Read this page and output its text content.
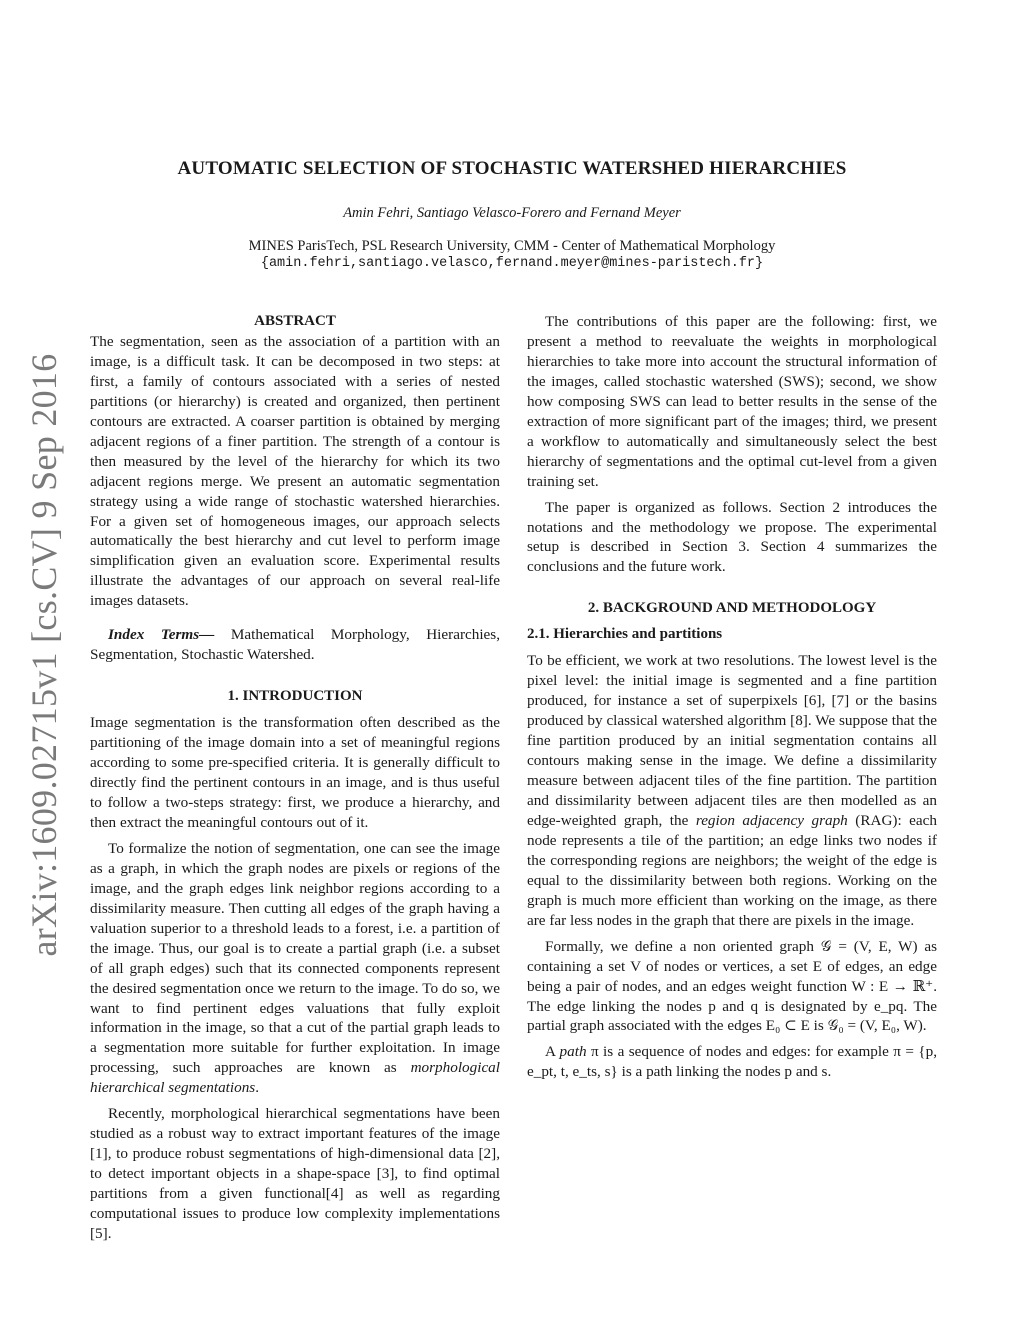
arXiv:1609.02715v1 [cs.CV] 9 Sep 2016
AUTOMATIC SELECTION OF STOCHASTIC WATERSHED HIERARCHIES
Amin Fehri, Santiago Velasco-Forero and Fernand Meyer
MINES ParisTech, PSL Research University, CMM - Center of Mathematical Morphology
{amin.fehri,santiago.velasco,fernand.meyer@mines-paristech.fr}
ABSTRACT

The segmentation, seen as the association of a partition with an image, is a difficult task. It can be decomposed in two steps: at first, a family of contours associated with a series of nested partitions (or hierarchy) is created and organized, then pertinent contours are extracted. A coarser partition is obtained by merging adjacent regions of a finer partition. The strength of a contour is then measured by the level of the hierarchy for which its two adjacent regions merge. We present an automatic segmentation strategy using a wide range of stochastic watershed hierarchies. For a given set of homogeneous images, our approach selects automatically the best hierarchy and cut level to perform image simplification given an evaluation score. Experimental results illustrate the advantages of our approach on several real-life images datasets.

Index Terms— Mathematical Morphology, Hierarchies, Segmentation, Stochastic Watershed.

1. INTRODUCTION

Image segmentation is the transformation often described as the partitioning of the image domain into a set of meaningful regions according to some pre-specified criteria. It is generally difficult to directly find the pertinent contours in an image, and is thus useful to follow a two-steps strategy: first, we produce a hierarchy, and then extract the meaningful contours out of it.

To formalize the notion of segmentation, one can see the image as a graph, in which the graph nodes are pixels or regions of the image, and the graph edges link neighbor regions according to a dissimilarity measure. Then cutting all edges of the graph having a valuation superior to a threshold leads to a forest, i.e. a partition of the image. Thus, our goal is to create a partial graph (i.e. a subset of all graph edges) such that its connected components represent the desired segmentation once we return to the image. To do so, we want to find pertinent edges valuations that fully exploit information in the image, so that a cut of the partial graph leads to a segmentation more suitable for further exploitation. In image processing, such approaches are known as morphological hierarchical segmentations.

Recently, morphological hierarchical segmentations have been studied as a robust way to extract important features of the image [1], to produce robust segmentations of high-dimensional data [2], to detect important objects in a shape-space [3], to find optimal partitions from a given functional[4] as well as regarding computational issues to produce low complexity implementations [5].

The contributions of this paper are the following: first, we present a method to reevaluate the weights in morphological hierarchies to take more into account the structural information of the images, called stochastic watershed (SWS); second, we show how composing SWS can lead to better results in the sense of the extraction of more significant part of the images; third, we present a workflow to automatically and simultaneously select the best hierarchy of segmentations and the optimal cut-level from a given training set.

The paper is organized as follows. Section 2 introduces the notations and the methodology we propose. The experimental setup is described in Section 3. Section 4 summarizes the conclusions and the future work.

2. BACKGROUND AND METHODOLOGY
2.1. Hierarchies and partitions

To be efficient, we work at two resolutions. The lowest level is the pixel level: the initial image is segmented and a fine partition produced, for instance a set of superpixels [6], [7] or the basins produced by classical watershed algorithm [8]. We suppose that the fine partition produced by an initial segmentation contains all contours making sense in the image. We define a dissimilarity measure between adjacent tiles of the fine partition. The partition and dissimilarity between adjacent tiles are then modelled as an edge-weighted graph, the region adjacency graph (RAG): each node represents a tile of the partition; an edge links two nodes if the corresponding regions are neighbors; the weight of the edge is equal to the dissimilarity between both regions. Working on the graph is much more efficient than working on the image, as there are far less nodes in the graph that there are pixels in the image.

Formally, we define a non oriented graph 𝒢 = (V, E, W) as containing a set V of nodes or vertices, a set E of edges, an edge being a pair of nodes, and an edges weight function W : E → ℝ⁺. The edge linking the nodes p and q is designated by e_pq. The partial graph associated with the edges E₀ ⊂ E is 𝒢₀ = (V, E₀, W).

A path π is a sequence of nodes and edges: for example π = {p, e_pt, t, e_ts, s} is a path linking the nodes p and s.
